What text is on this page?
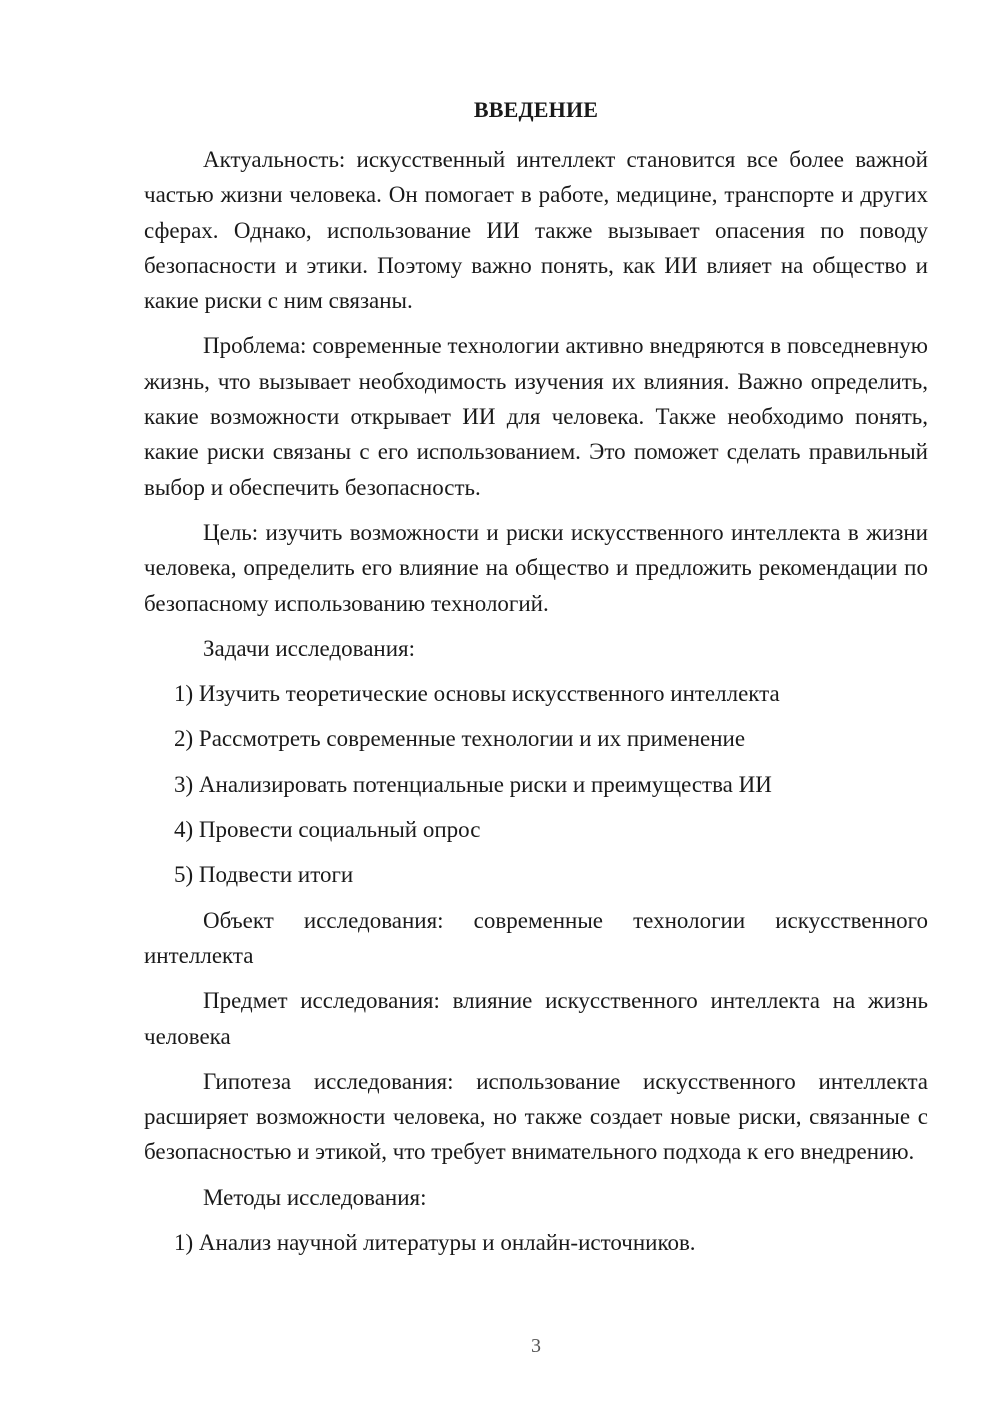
ВВЕДЕНИЕ

Актуальность: искусственный интеллект становится все более важной частью жизни человека. Он помогает в работе, медицине, транспорте и других сферах. Однако, использование ИИ также вызывает опасения по поводу безопасности и этики. Поэтому важно понять, как ИИ влияет на общество и какие риски с ним связаны.

Проблема: современные технологии активно внедряются в повседневную жизнь, что вызывает необходимость изучения их влияния. Важно определить, какие возможности открывает ИИ для человека. Также необходимо понять, какие риски связаны с его использованием. Это поможет сделать правильный выбор и обеспечить безопасность.

Цель: изучить возможности и риски искусственного интеллекта в жизни человека, определить его влияние на общество и предложить рекомендации по безопасному использованию технологий.

Задачи исследования:

1) Изучить теоретические основы искусственного интеллекта

2) Рассмотреть современные технологии и их применение

3) Анализировать потенциальные риски и преимущества ИИ

4) Провести социальный опрос

5) Подвести итоги

Объект исследования: современные технологии искусственного интеллекта

Предмет исследования: влияние искусственного интеллекта на жизнь человека

Гипотеза исследования: использование искусственного интеллекта расширяет возможности человека, но также создает новые риски, связанные с безопасностью и этикой, что требует внимательного подхода к его внедрению.

Методы исследования:

1) Анализ научной литературы и онлайн-источников.

3
